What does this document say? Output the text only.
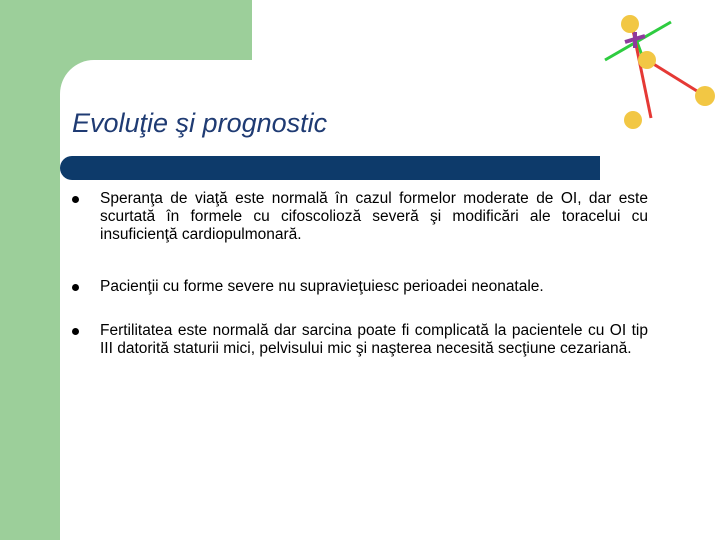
Evoluţie şi prognostic
Speranţa de viaţă este normală în cazul formelor moderate de OI, dar este scurtată în formele cu cifoscolioză severă şi modificări ale toracelui cu insuficienţă cardiopulmonară.
Pacienţii cu forme severe nu supravieţuiesc perioadei neonatale.
Fertilitatea este normală dar sarcina poate fi complicată la pacientele cu OI tip III datorită staturii mici, pelvisului mic şi naşterea necesită secţiune cezariană.
